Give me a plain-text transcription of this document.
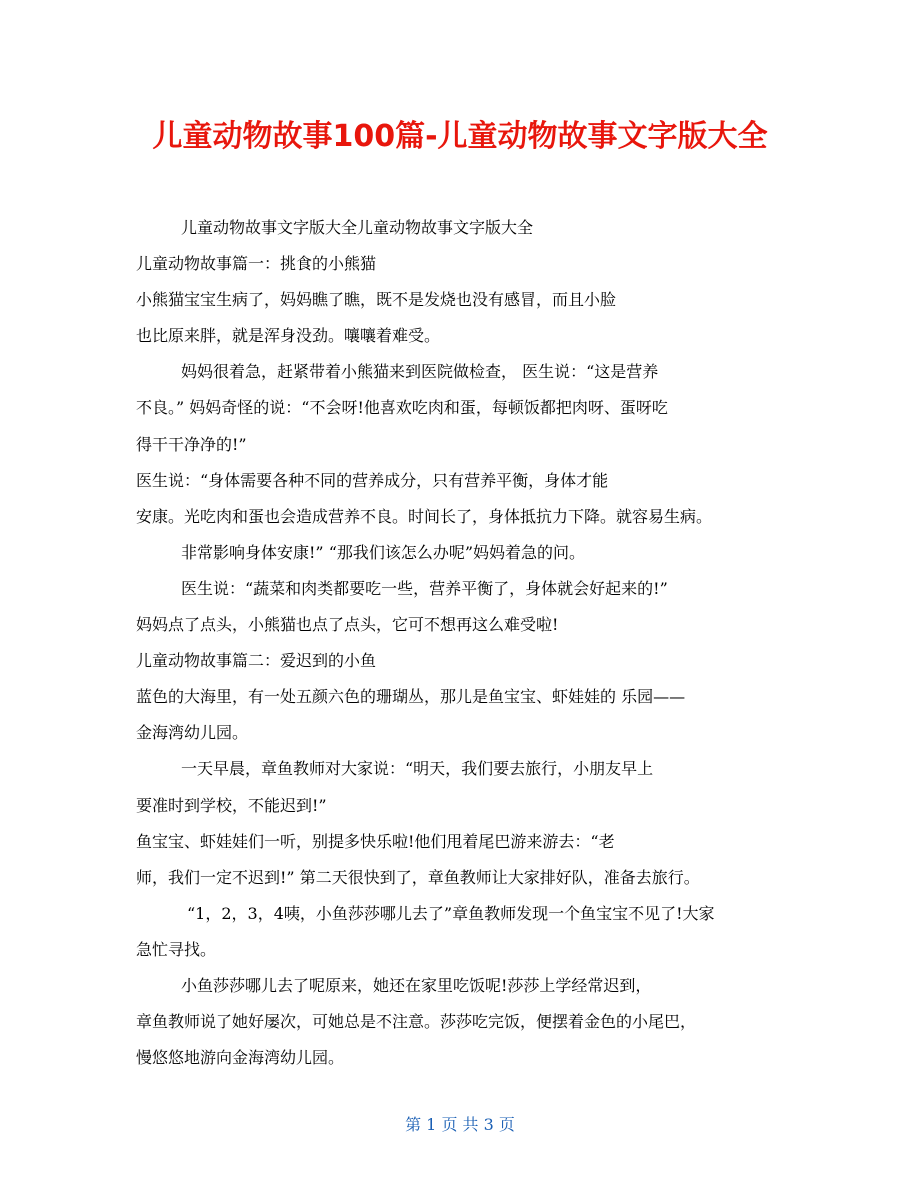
儿童动物故事100篇-儿童动物故事文字版大全
儿童动物故事文字版大全儿童动物故事文字版大全
儿童动物故事篇一：挑食的小熊猫
小熊猫宝宝生病了，妈妈瞧了瞧，既不是发烧也没有感冒，而且小脸
也比原来胖，就是浑身没劲。嚷嚷着难受。
妈妈很着急，赶紧带着小熊猫来到医院做检查， 医生说：“这是营养
不良。” 妈妈奇怪的说：“不会呀!他喜欢吃肉和蛋，每顿饭都把肉呀、蛋呀吃
得干干净净的!”
医生说：“身体需要各种不同的营养成分，只有营养平衡，身体才能
安康。光吃肉和蛋也会造成营养不良。时间长了，身体抵抗力下降。就容易生病。
非常影响身体安康!” “那我们该怎么办呢”妈妈着急的问。
医生说：“蔬菜和肉类都要吃一些，营养平衡了，身体就会好起来的!”
妈妈点了点头，小熊猫也点了点头，它可不想再这么难受啦!
儿童动物故事篇二：爱迟到的小鱼
蓝色的大海里，有一处五颜六色的珊瑚丛，那儿是鱼宝宝、虾娃娃的 乐园——
金海湾幼儿园。
一天早晨，章鱼教师对大家说：“明天，我们要去旅行，小朋友早上
要准时到学校，不能迟到!”
鱼宝宝、虾娃娃们一听，别提多快乐啦!他们甩着尾巴游来游去：“老
师，我们一定不迟到!” 第二天很快到了，章鱼教师让大家排好队，准备去旅行。
“1，2，3，4咦，小鱼莎莎哪儿去了”章鱼教师发现一个鱼宝宝不见了!大家
急忙寻找。
小鱼莎莎哪儿去了呢原来，她还在家里吃饭呢!莎莎上学经常迟到，
章鱼教师说了她好屡次，可她总是不注意。莎莎吃完饭，便摆着金色的小尾巴，
慢悠悠地游向金海湾幼儿园。
第 1 页 共 3 页
